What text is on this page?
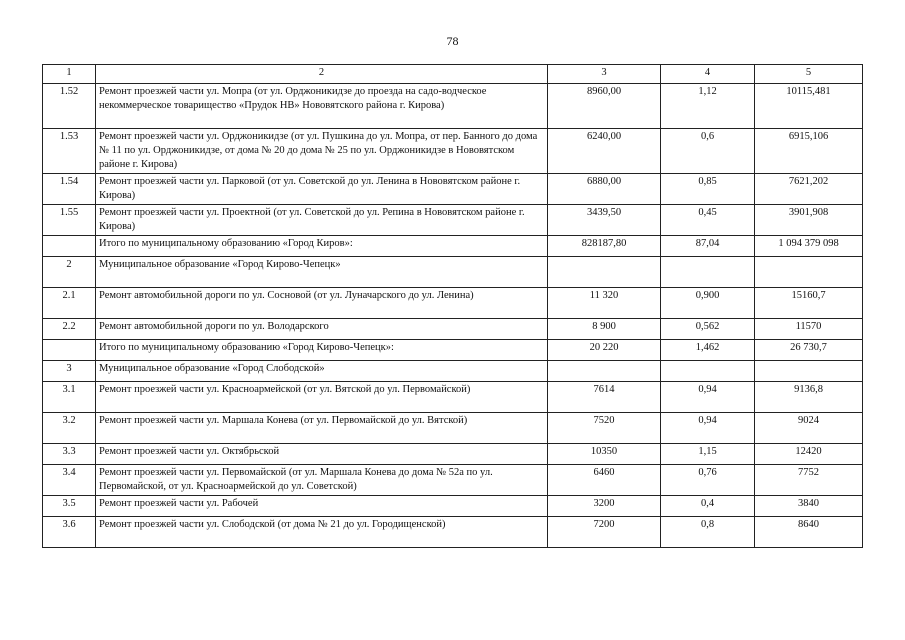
78
1	2	3	4	5
1.52	Ремонт проезжей части ул. Мопра (от ул. Орджоникидзе до проезда на садо-водческое некоммерческое товарищество «Прудок НВ» Нововятского района г. Кирова)	8960,00	1,12	10115,481
1.53	Ремонт проезжей части ул. Орджоникидзе (от ул. Пушкина до ул. Мопра, от пер. Банного до дома № 11 по ул. Орджоникидзе, от дома № 20 до дома № 25 по ул. Орджоникидзе в Нововятском районе г. Кирова)	6240,00	0,6	6915,106
1.54	Ремонт проезжей части ул. Парковой (от ул. Советской до ул. Ленина в Нововятском районе г. Кирова)	6880,00	0,85	7621,202
1.55	Ремонт проезжей части ул. Проектной (от ул. Советской до ул. Репина в Нововятском районе г. Кирова)	3439,50	0,45	3901,908
	Итого по муниципальному образованию «Город Киров»:	828187,80	87,04	1 094 379 098
2	Муниципальное образование «Город Кирово-Чепецк»			
2.1	Ремонт автомобильной дороги по ул. Сосновой (от ул. Луначарского до ул. Ленина)	11 320	0,900	15160,7
2.2	Ремонт автомобильной дороги по ул. Володарского	8 900	0,562	11570
	Итого по муниципальному образованию «Город Кирово-Чепецк»:	20 220	1,462	26 730,7
3	Муниципальное образование «Город Слободской»			
3.1	Ремонт проезжей части ул. Красноармейской (от ул. Вятской до ул. Первомайской)	7614	0,94	9136,8
3.2	Ремонт проезжей части ул. Маршала Конева (от ул. Первомайской до ул. Вятской)	7520	0,94	9024
3.3	Ремонт проезжей части ул. Октябрьской	10350	1,15	12420
3.4	Ремонт проезжей части ул. Первомайской (от ул. Маршала Конева до дома № 52а по ул. Первомайской, от ул. Красноармейской до ул. Советской)	6460	0,76	7752
3.5	Ремонт проезжей части ул. Рабочей	3200	0,4	3840
3.6	Ремонт проезжей части ул. Слободской (от дома № 21 до ул. Городищенской)	7200	0,8	8640
